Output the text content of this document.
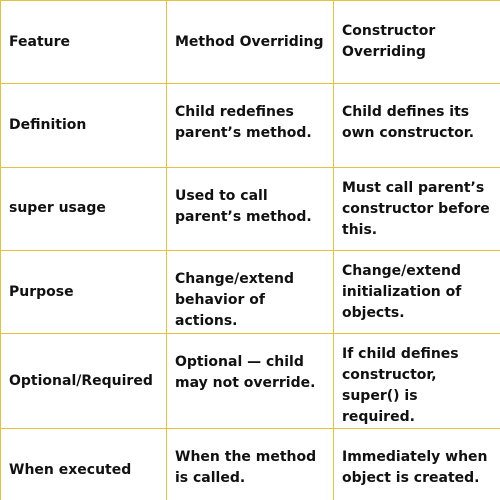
Feature	Method Overriding	Constructor Overriding
Definition	Child redefines parent’s method.	Child defines its own constructor.
super usage	Used to call parent’s method.	Must call parent’s constructor before this.
Purpose	Change/extend behavior of actions.	Change/extend initialization of objects.
Optional/Required	Optional — child may not override.	If child defines constructor, super() is required.
When executed	When the method is called.	Immediately when object is created.
